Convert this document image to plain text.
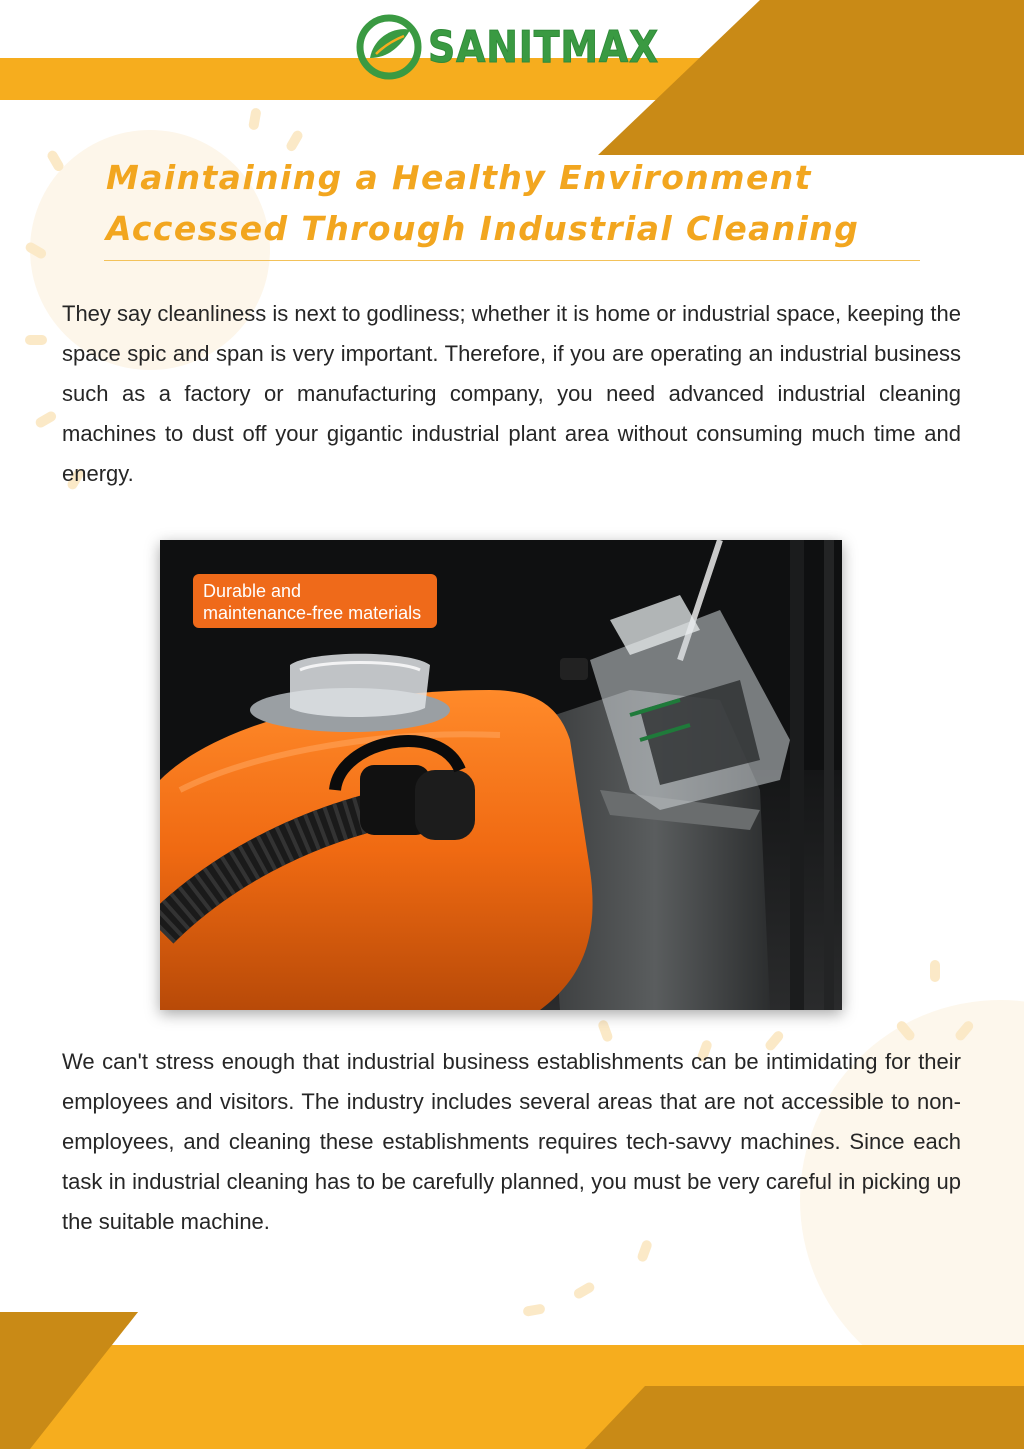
SANITMAX
Maintaining a Healthy Environment
Accessed Through Industrial Cleaning

They say cleanliness is next to godliness; whether it is home or industrial space, keeping the space spic and span is very important. Therefore, if you are operating an industrial business such as a factory or manufacturing company, you need advanced industrial cleaning machines to dust off your gigantic industrial plant area without consuming much time and energy.

Durable and
maintenance-free materials

We can't stress enough that industrial business establishments can be intimidating for their employees and visitors. The industry includes several areas that are not accessible to non-employees, and cleaning these establishments requires tech-savvy machines. Since each task in industrial cleaning has to be carefully planned, you must be very careful in picking up the suitable machine.
